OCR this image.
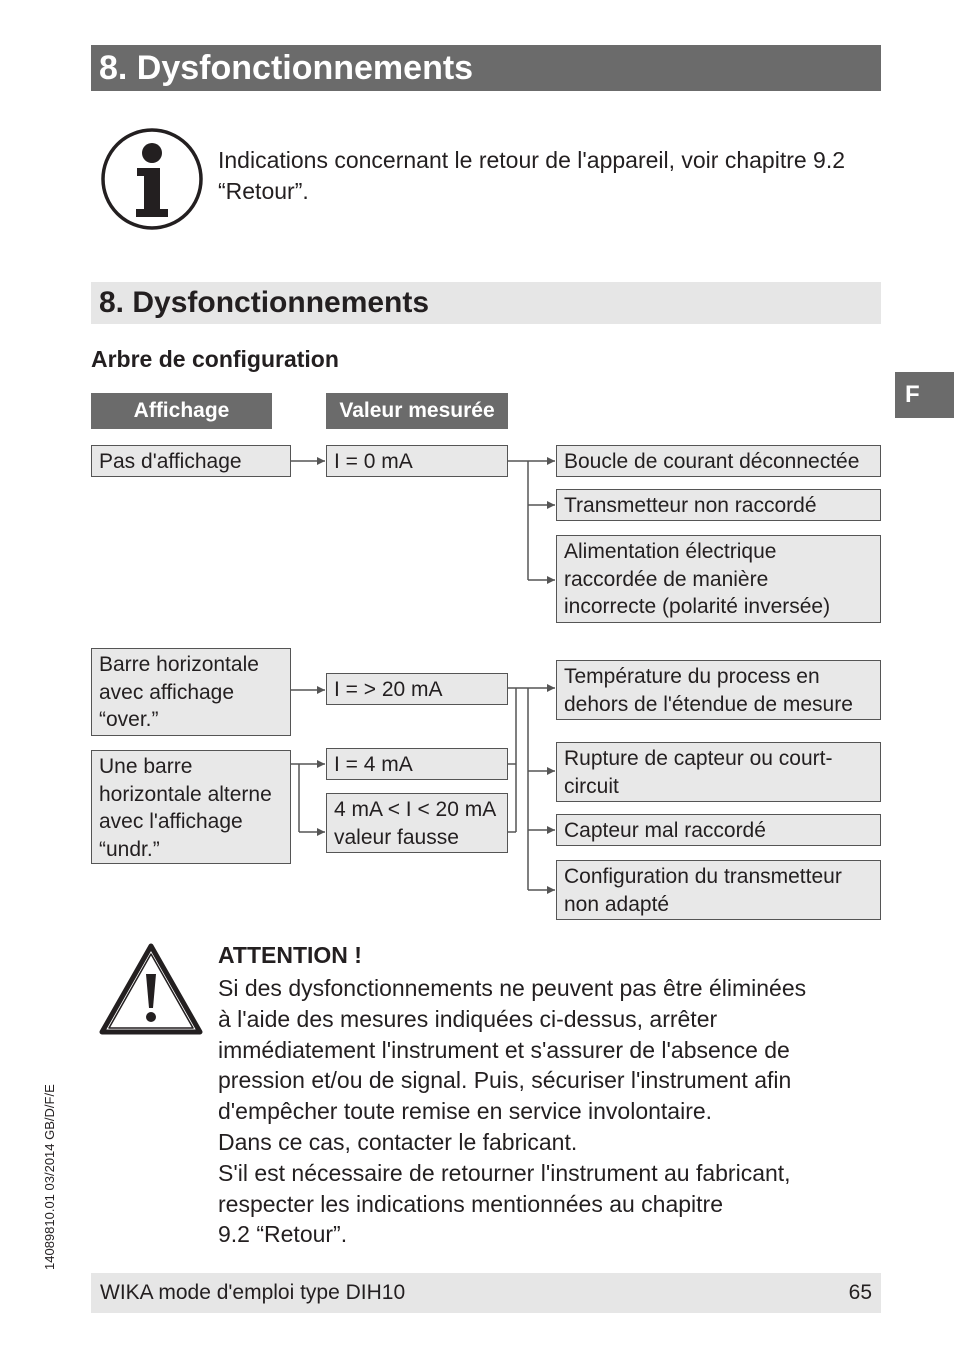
8. Dysfonctionnements
Indications concernant le retour de l'appareil, voir chapitre 9.2 “Retour”.
8. Dysfonctionnements
Arbre de configuration
F
Affichage	Valeur mesurée
Pas d'affichage
Barre horizontale
avec affichage
“over.”
Une barre
horizontale alterne
avec l'affichage
“undr.”
I = 0 mA
I = > 20 mA
I = 4 mA
4 mA < I < 20 mA
valeur fausse
Boucle de courant déconnectée
Transmetteur non raccordé
Alimentation électrique
raccordée de manière
incorrecte (polarité inversée)
Température du process en
dehors de l'étendue de mesure
Rupture de capteur ou court-
circuit
Capteur mal raccordé
Configuration du transmetteur
non adapté
ATTENTION !
Si des dysfonctionnements ne peuvent pas être éliminées
à l'aide des mesures indiquées ci-dessus, arrêter
immédiatement l'instrument et s'assurer de l'absence de
pression et/ou de signal. Puis, sécuriser l'instrument afin
d'empêcher toute remise en service involontaire.
Dans ce cas, contacter le fabricant.
S'il est nécessaire de retourner l'instrument au fabricant,
respecter les indications mentionnées au chapitre
9.2 “Retour”.
14089810.01 03/2014 GB/D/F/E
WIKA mode d'emploi type DIH10	65
